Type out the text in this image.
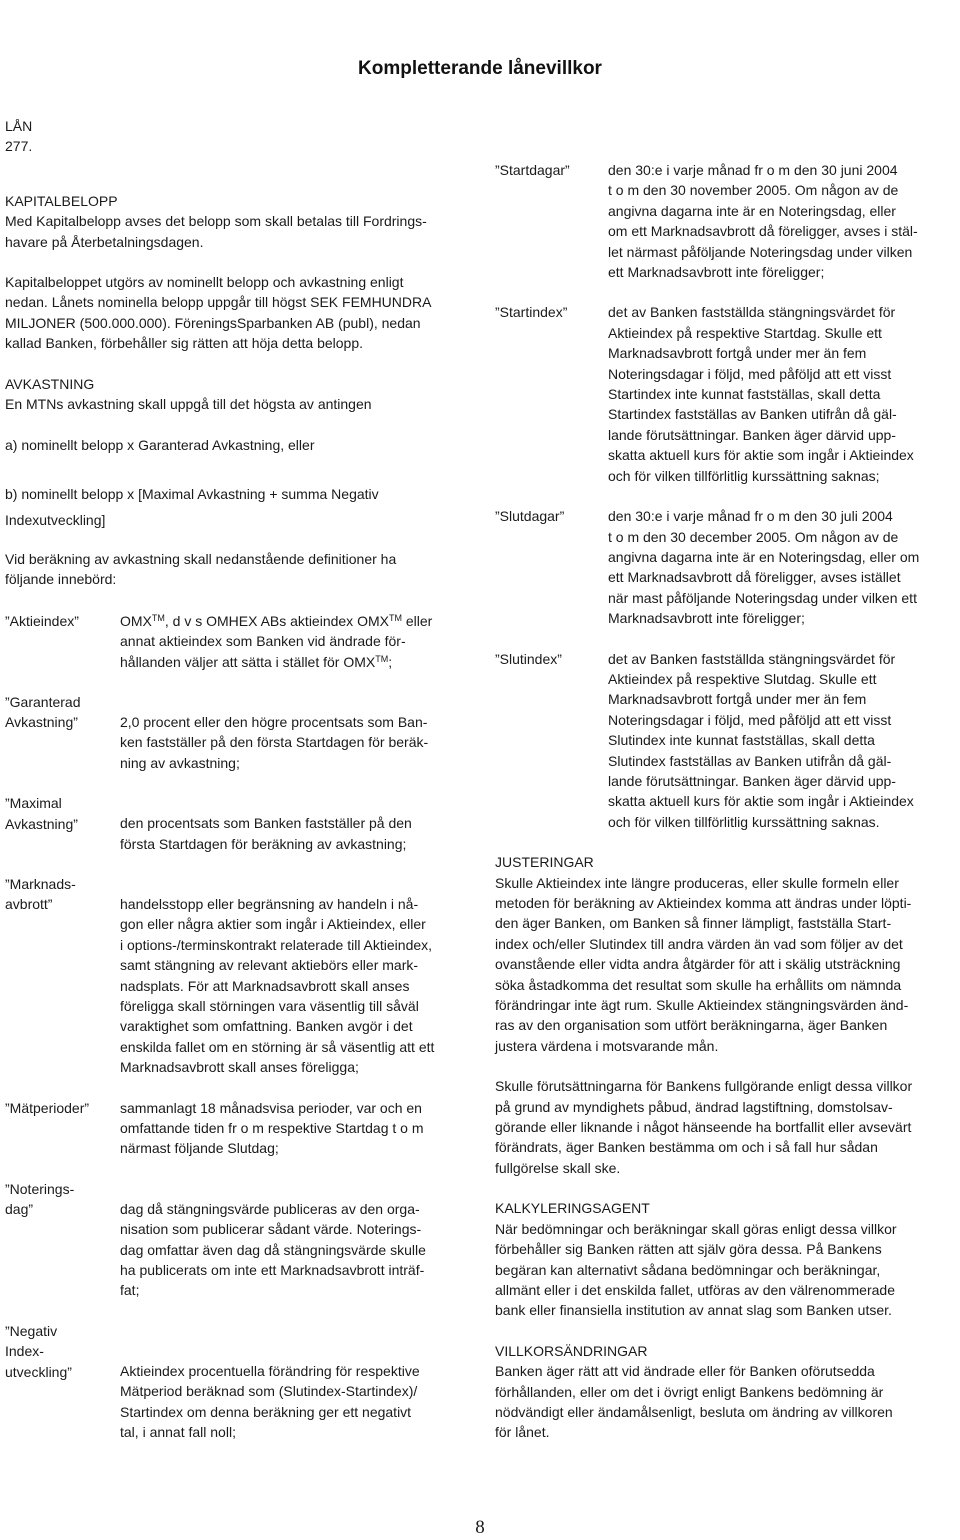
Kompletterande lånevillkor

LÅN

277.

KAPITALBELOPP

Med Kapitalbelopp avses det belopp som skall betalas till Fordrings-
havare på Återbetalningsdagen.

Kapitalbeloppet utgörs av nominellt belopp och avkastning enligt
nedan. Lånets nominella belopp uppgår till högst SEK FEMHUNDRA
MILJONER (500.000.000). FöreningsSparbanken AB (publ), nedan
kallad Banken, förbehåller sig rätten att höja detta belopp.

AVKASTNING

En MTNs avkastning skall uppgå till det högsta av antingen

a) nominellt belopp x Garanterad Avkastning, eller

b) nominellt belopp x [Maximal Avkastning + summa Negativ
Indexutveckling]

Vid beräkning av avkastning skall nedanstående definitioner ha
följande innebörd:

”Aktieindex”	OMX™, d v s OMHEX ABs aktieindex OMX™ eller
annat aktieindex som Banken vid ändrade för-
hållanden väljer att sätta i stället för OMX™;
”Garanterad
Avkastning”	2,0 procent eller den högre procentsats som Ban-
ken fastställer på den första Startdagen för beräk-
ning av avkastning;
”Maximal
Avkastning”	den procentsats som Banken fastställer på den
första Startdagen för beräkning av avkastning;
”Marknads-
avbrott”	handelsstopp eller begränsning av handeln i nå-
gon eller några aktier som ingår i Aktieindex, eller
i options-/terminskontrakt relaterade till Aktieindex,
samt stängning av relevant aktiebörs eller mark-
nadsplats. För att Marknadsavbrott skall anses
föreligga skall störningen vara väsentlig till såväl
varaktighet som omfattning. Banken avgör i det
enskilda fallet om en störning är så väsentlig att ett
Marknadsavbrott skall anses föreligga;
”Mätperioder”	sammanlagt 18 månadsvisa perioder, var och en
omfattande tiden fr o m respektive Startdag t o m
närmast följande Slutdag;
”Noterings-
dag”	dag då stängningsvärde publiceras av den orga-
nisation som publicerar sådant värde. Noterings-
dag omfattar även dag då stängningsvärde skulle
ha publicerats om inte ett Marknadsavbrott inträf-
fat;
”Negativ
Index-
utveckling”	Aktieindex procentuella förändring för respektive
Mätperiod beräknad som (Slutindex-Startindex)/
Startindex om denna beräkning ger ett negativt
tal, i annat fall noll;
”Startdagar”	den 30:e i varje månad fr o m den 30 juni 2004
t o m den 30 november 2005. Om någon av de
angivna dagarna inte är en Noteringsdag, eller
om ett Marknadsavbrott då föreligger, avses i stäl-
let närmast påföljande Noteringsdag under vilken
ett Marknadsavbrott inte föreligger;
”Startindex”	det av Banken fastställda stängningsvärdet för
Aktieindex på respektive Startdag. Skulle ett
Marknadsavbrott fortgå under mer än fem
Noteringsdagar i följd, med påföljd att ett visst
Startindex inte kunnat fastställas, skall detta
Startindex fastställas av Banken utifrån då gäl-
lande förutsättningar. Banken äger därvid upp-
skatta aktuell kurs för aktie som ingår i Aktieindex
och för vilken tillförlitlig kurssättning saknas;
”Slutdagar”	den 30:e i varje månad fr o m den 30 juli 2004
t o m den 30 december 2005. Om någon av de
angivna dagarna inte är en Noteringsdag, eller om
ett Marknadsavbrott då föreligger, avses istället
när mast påföljande Noteringsdag under vilken ett
Marknadsavbrott inte föreligger;
”Slutindex”	det av Banken fastställda stängningsvärdet för
Aktieindex på respektive Slutdag. Skulle ett
Marknadsavbrott fortgå under mer än fem
Noteringsdagar i följd, med påföljd att ett visst
Slutindex inte kunnat fastställas, skall detta
Slutindex fastställas av Banken utifrån då gäl-
lande förutsättningar. Banken äger därvid upp-
skatta aktuell kurs för aktie som ingår i Aktieindex
och för vilken tillförlitlig kurssättning saknas.

JUSTERINGAR

Skulle Aktieindex inte längre produceras, eller skulle formeln eller
metoden för beräkning av Aktieindex komma att ändras under löpti-
den äger Banken, om Banken så finner lämpligt, fastställa Start-
index och/eller Slutindex till andra värden än vad som följer av det
ovanstående eller vidta andra åtgärder för att i skälig utsträckning
söka åstadkomma det resultat som skulle ha erhållits om nämnda
förändringar inte ägt rum. Skulle Aktieindex stängningsvärden änd-
ras av den organisation som utfört beräkningarna, äger Banken
justera värdena i motsvarande mån.

Skulle förutsättningarna för Bankens fullgörande enligt dessa villkor
på grund av myndighets påbud, ändrad lagstiftning, domstolsav-
görande eller liknande i något hänseende ha bortfallit eller avsevärt
förändrats, äger Banken bestämma om och i så fall hur sådan
fullgörelse skall ske.

KALKYLERINGSAGENT

När bedömningar och beräkningar skall göras enligt dessa villkor
förbehåller sig Banken rätten att själv göra dessa. På Bankens
begäran kan alternativt sådana bedömningar och beräkningar,
allmänt eller i det enskilda fallet, utföras av den välrenommerade
bank eller finansiella institution av annat slag som Banken utser.

VILLKORSÄNDRINGAR

Banken äger rätt att vid ändrade eller för Banken oförutsedda
förhållanden, eller om det i övrigt enligt Bankens bedömning är
nödvändigt eller ändamålsenligt, besluta om ändring av villkoren
för lånet.

8
